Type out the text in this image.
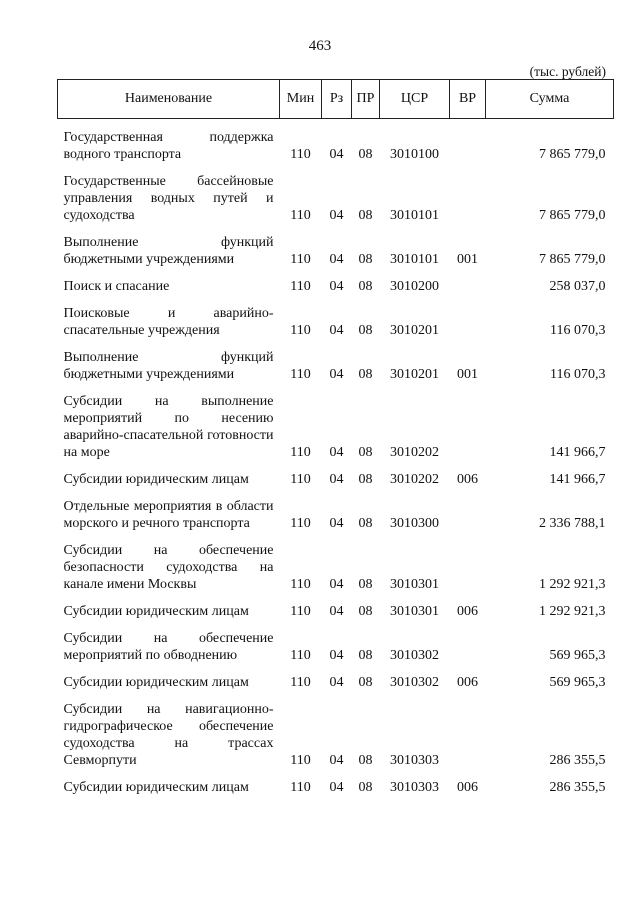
463
(тыс. рублей)
Наименование	Мин	Рз	ПР	ЦСР	ВР	Сумма
Государственная поддержка водного транспорта	110	04	08	3010100		7 865 779,0
Государственные бассейновые управления водных путей и судоходства	110	04	08	3010101		7 865 779,0
Выполнение функций бюджетными учреждениями	110	04	08	3010101	001	7 865 779,0
Поиск и спасание	110	04	08	3010200		258 037,0
Поисковые и аварийно-спасательные учреждения	110	04	08	3010201		116 070,3
Выполнение функций бюджетными учреждениями	110	04	08	3010201	001	116 070,3
Субсидии на выполнение мероприятий по несению аварийно-спасательной готовности на море	110	04	08	3010202		141 966,7
Субсидии юридическим лицам	110	04	08	3010202	006	141 966,7
Отдельные мероприятия в области морского и речного транспорта	110	04	08	3010300		2 336 788,1
Субсидии на обеспечение безопасности судоходства на канале имени Москвы	110	04	08	3010301		1 292 921,3
Субсидии юридическим лицам	110	04	08	3010301	006	1 292 921,3
Субсидии на обеспечение мероприятий по обводнению	110	04	08	3010302		569 965,3
Субсидии юридическим лицам	110	04	08	3010302	006	569 965,3
Субсидии на навигационно-гидрографическое обеспечение судоходства на трассах Севморпути	110	04	08	3010303		286 355,5
Субсидии юридическим лицам	110	04	08	3010303	006	286 355,5
